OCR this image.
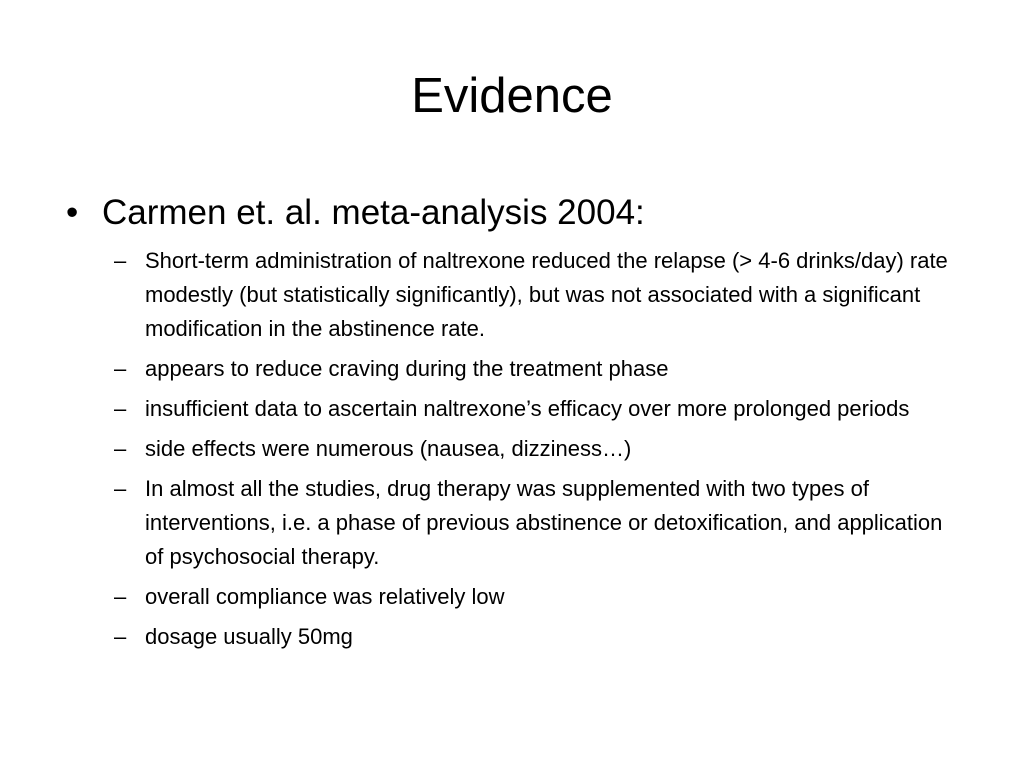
Evidence
• Carmen et. al. meta-analysis 2004:
– Short-term administration of naltrexone reduced the relapse (> 4-6 drinks/day) rate modestly (but statistically significantly), but was not associated with a significant modification in the abstinence rate.
– appears to reduce craving during the treatment phase
– insufficient data to ascertain naltrexone’s efficacy over more prolonged periods
– side effects were numerous (nausea, dizziness…)
– In almost all the studies, drug therapy was supplemented with two types of interventions, i.e. a phase of previous abstinence or detoxification, and application of psychosocial therapy.
– overall compliance was relatively low
– dosage usually 50mg
